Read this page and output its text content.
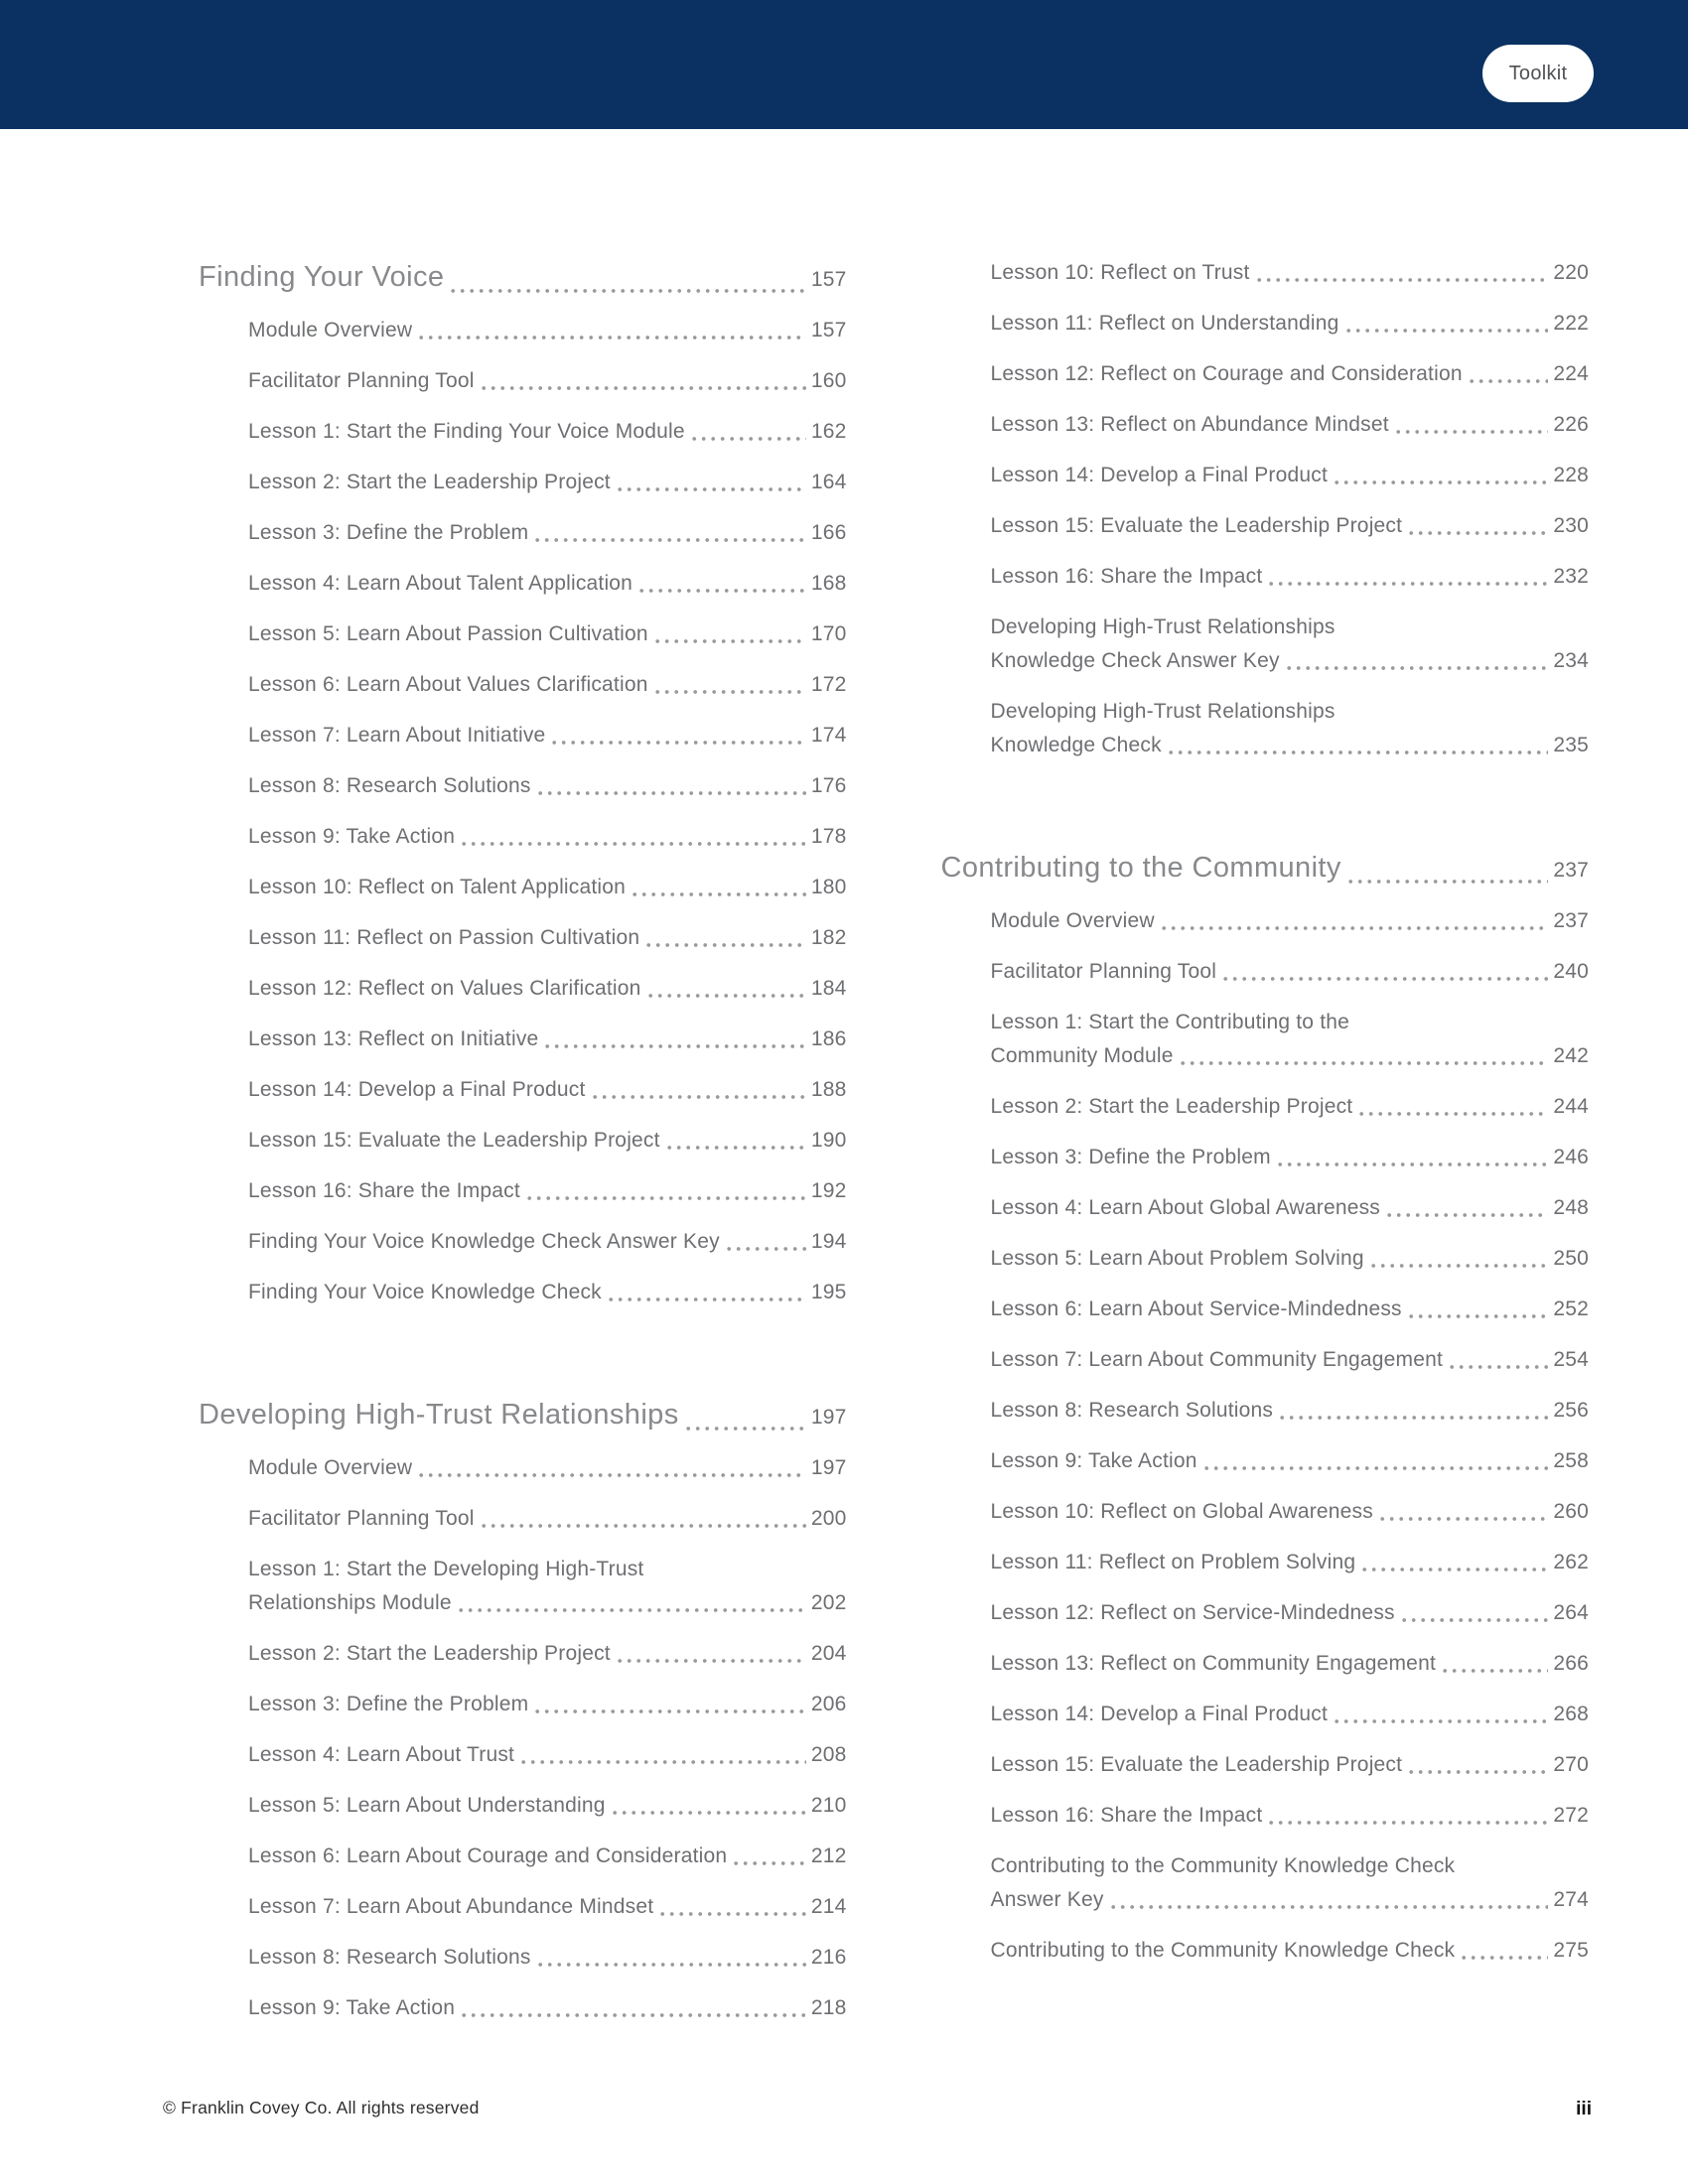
Toolkit
Finding Your Voice	157
Module Overview	157
Facilitator Planning Tool	160
Lesson 1: Start the Finding Your Voice Module	162
Lesson 2: Start the Leadership Project	164
Lesson 3: Define the Problem	166
Lesson 4: Learn About Talent Application	168
Lesson 5: Learn About Passion Cultivation	170
Lesson 6: Learn About Values Clarification	172
Lesson 7: Learn About Initiative	174
Lesson 8: Research Solutions	176
Lesson 9: Take Action	178
Lesson 10: Reflect on Talent Application	180
Lesson 11: Reflect on Passion Cultivation	182
Lesson 12: Reflect on Values Clarification	184
Lesson 13: Reflect on Initiative	186
Lesson 14: Develop a Final Product	188
Lesson 15: Evaluate the Leadership Project	190
Lesson 16: Share the Impact	192
Finding Your Voice Knowledge Check Answer Key	194
Finding Your Voice Knowledge Check	195
Developing High-Trust Relationships	197
Module Overview	197
Facilitator Planning Tool	200
Lesson 1: Start the Developing High-Trust
Relationships Module	202
Lesson 2: Start the Leadership Project	204
Lesson 3: Define the Problem	206
Lesson 4: Learn About Trust	208
Lesson 5: Learn About Understanding	210
Lesson 6: Learn About Courage and Consideration	212
Lesson 7: Learn About Abundance Mindset	214
Lesson 8: Research Solutions	216
Lesson 9: Take Action	218
Lesson 10: Reflect on Trust	220
Lesson 11: Reflect on Understanding	222
Lesson 12: Reflect on Courage and Consideration	224
Lesson 13: Reflect on Abundance Mindset	226
Lesson 14: Develop a Final Product	228
Lesson 15: Evaluate the Leadership Project	230
Lesson 16: Share the Impact	232
Developing High-Trust Relationships
Knowledge Check Answer Key	234
Developing High-Trust Relationships
Knowledge Check	235
Contributing to the Community	237
Module Overview	237
Facilitator Planning Tool	240
Lesson 1: Start the Contributing to the
Community Module	242
Lesson 2: Start the Leadership Project	244
Lesson 3: Define the Problem	246
Lesson 4: Learn About Global Awareness	248
Lesson 5: Learn About Problem Solving	250
Lesson 6: Learn About Service-Mindedness	252
Lesson 7: Learn About Community Engagement	254
Lesson 8: Research Solutions	256
Lesson 9: Take Action	258
Lesson 10: Reflect on Global Awareness	260
Lesson 11: Reflect on Problem Solving	262
Lesson 12: Reflect on Service-Mindedness	264
Lesson 13: Reflect on Community Engagement	266
Lesson 14: Develop a Final Product	268
Lesson 15: Evaluate the Leadership Project	270
Lesson 16: Share the Impact	272
Contributing to the Community Knowledge Check
Answer Key	274
Contributing to the Community Knowledge Check	275
© Franklin Covey Co. All rights reserved	iii
